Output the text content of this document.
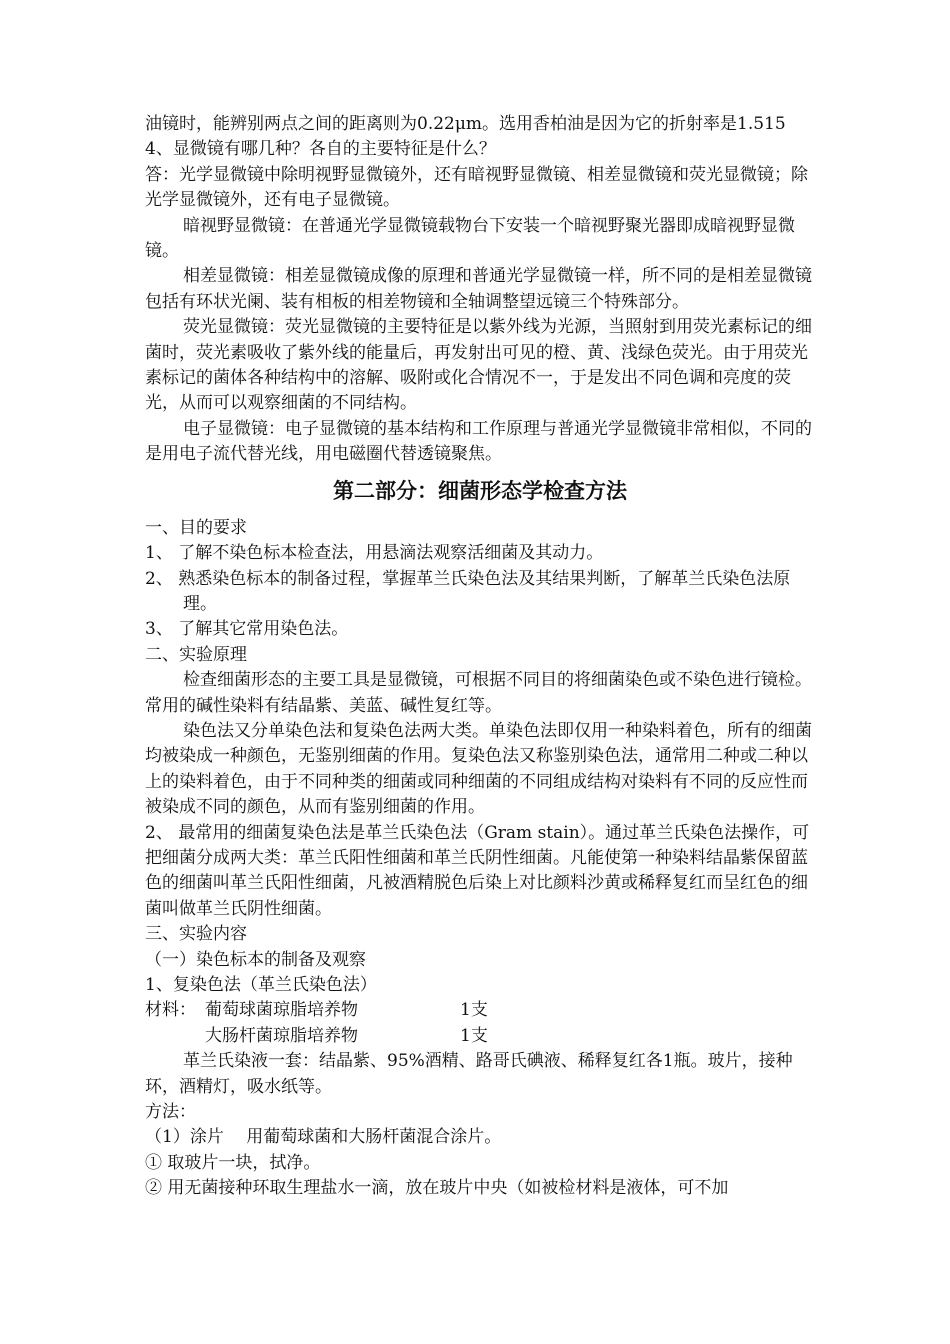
油镜时，能辨别两点之间的距离则为0.22μm。选用香柏油是因为它的折射率是1.515

4、显微镜有哪几种？各自的主要特征是什么？

答：光学显微镜中除明视野显微镜外，还有暗视野显微镜、相差显微镜和荧光显微镜；除光学显微镜外，还有电子显微镜。

暗视野显微镜：在普通光学显微镜载物台下安装一个暗视野聚光器即成暗视野显微镜。

相差显微镜：相差显微镜成像的原理和普通光学显微镜一样，所不同的是相差显微镜包括有环状光阑、装有相板的相差物镜和全轴调整望远镜三个特殊部分。

荧光显微镜：荧光显微镜的主要特征是以紫外线为光源，当照射到用荧光素标记的细菌时，荧光素吸收了紫外线的能量后，再发射出可见的橙、黄、浅绿色荧光。由于用荧光素标记的菌体各种结构中的溶解、吸附或化合情况不一，于是发出不同色调和亮度的荧光，从而可以观察细菌的不同结构。

电子显微镜：电子显微镜的基本结构和工作原理与普通光学显微镜非常相似，不同的是用电子流代替光线，用电磁圈代替透镜聚焦。

第二部分：细菌形态学检查方法

一、目的要求

1、 了解不染色标本检查法，用悬滴法观察活细菌及其动力。

2、 熟悉染色标本的制备过程，掌握革兰氏染色法及其结果判断，了解革兰氏染色法原理。

3、 了解其它常用染色法。

二、实验原理

检查细菌形态的主要工具是显微镜，可根据不同目的将细菌染色或不染色进行镜检。常用的碱性染料有结晶紫、美蓝、碱性复红等。

染色法又分单染色法和复染色法两大类。单染色法即仅用一种染料着色，所有的细菌均被染成一种颜色，无鉴别细菌的作用。复染色法又称鉴别染色法，通常用二种或二种以上的染料着色，由于不同种类的细菌或同种细菌的不同组成结构对染料有不同的反应性而被染成不同的颜色，从而有鉴别细菌的作用。

2、 最常用的细菌复染色法是革兰氏染色法（Gram stain）。通过革兰氏染色法操作，可把细菌分成两大类：革兰氏阳性细菌和革兰氏阴性细菌。凡能使第一种染料结晶紫保留蓝色的细菌叫革兰氏阳性细菌，凡被酒精脱色后染上对比颜料沙黄或稀释复红而呈红色的细菌叫做革兰氏阴性细菌。

三、实验内容

（一）染色标本的制备及观察

1、复染色法（革兰氏染色法）

材料： 葡萄球菌琼脂培养物	1支
大肠杆菌琼脂培养物	1支

革兰氏染液一套：结晶紫、95%酒精、路哥氏碘液、稀释复红各1瓶。玻片，接种环，酒精灯，吸水纸等。

方法：

（1）涂片　 用葡萄球菌和大肠杆菌混合涂片。

① 取玻片一块，拭净。

② 用无菌接种环取生理盐水一滴，放在玻片中央（如被检材料是液体，可不加
